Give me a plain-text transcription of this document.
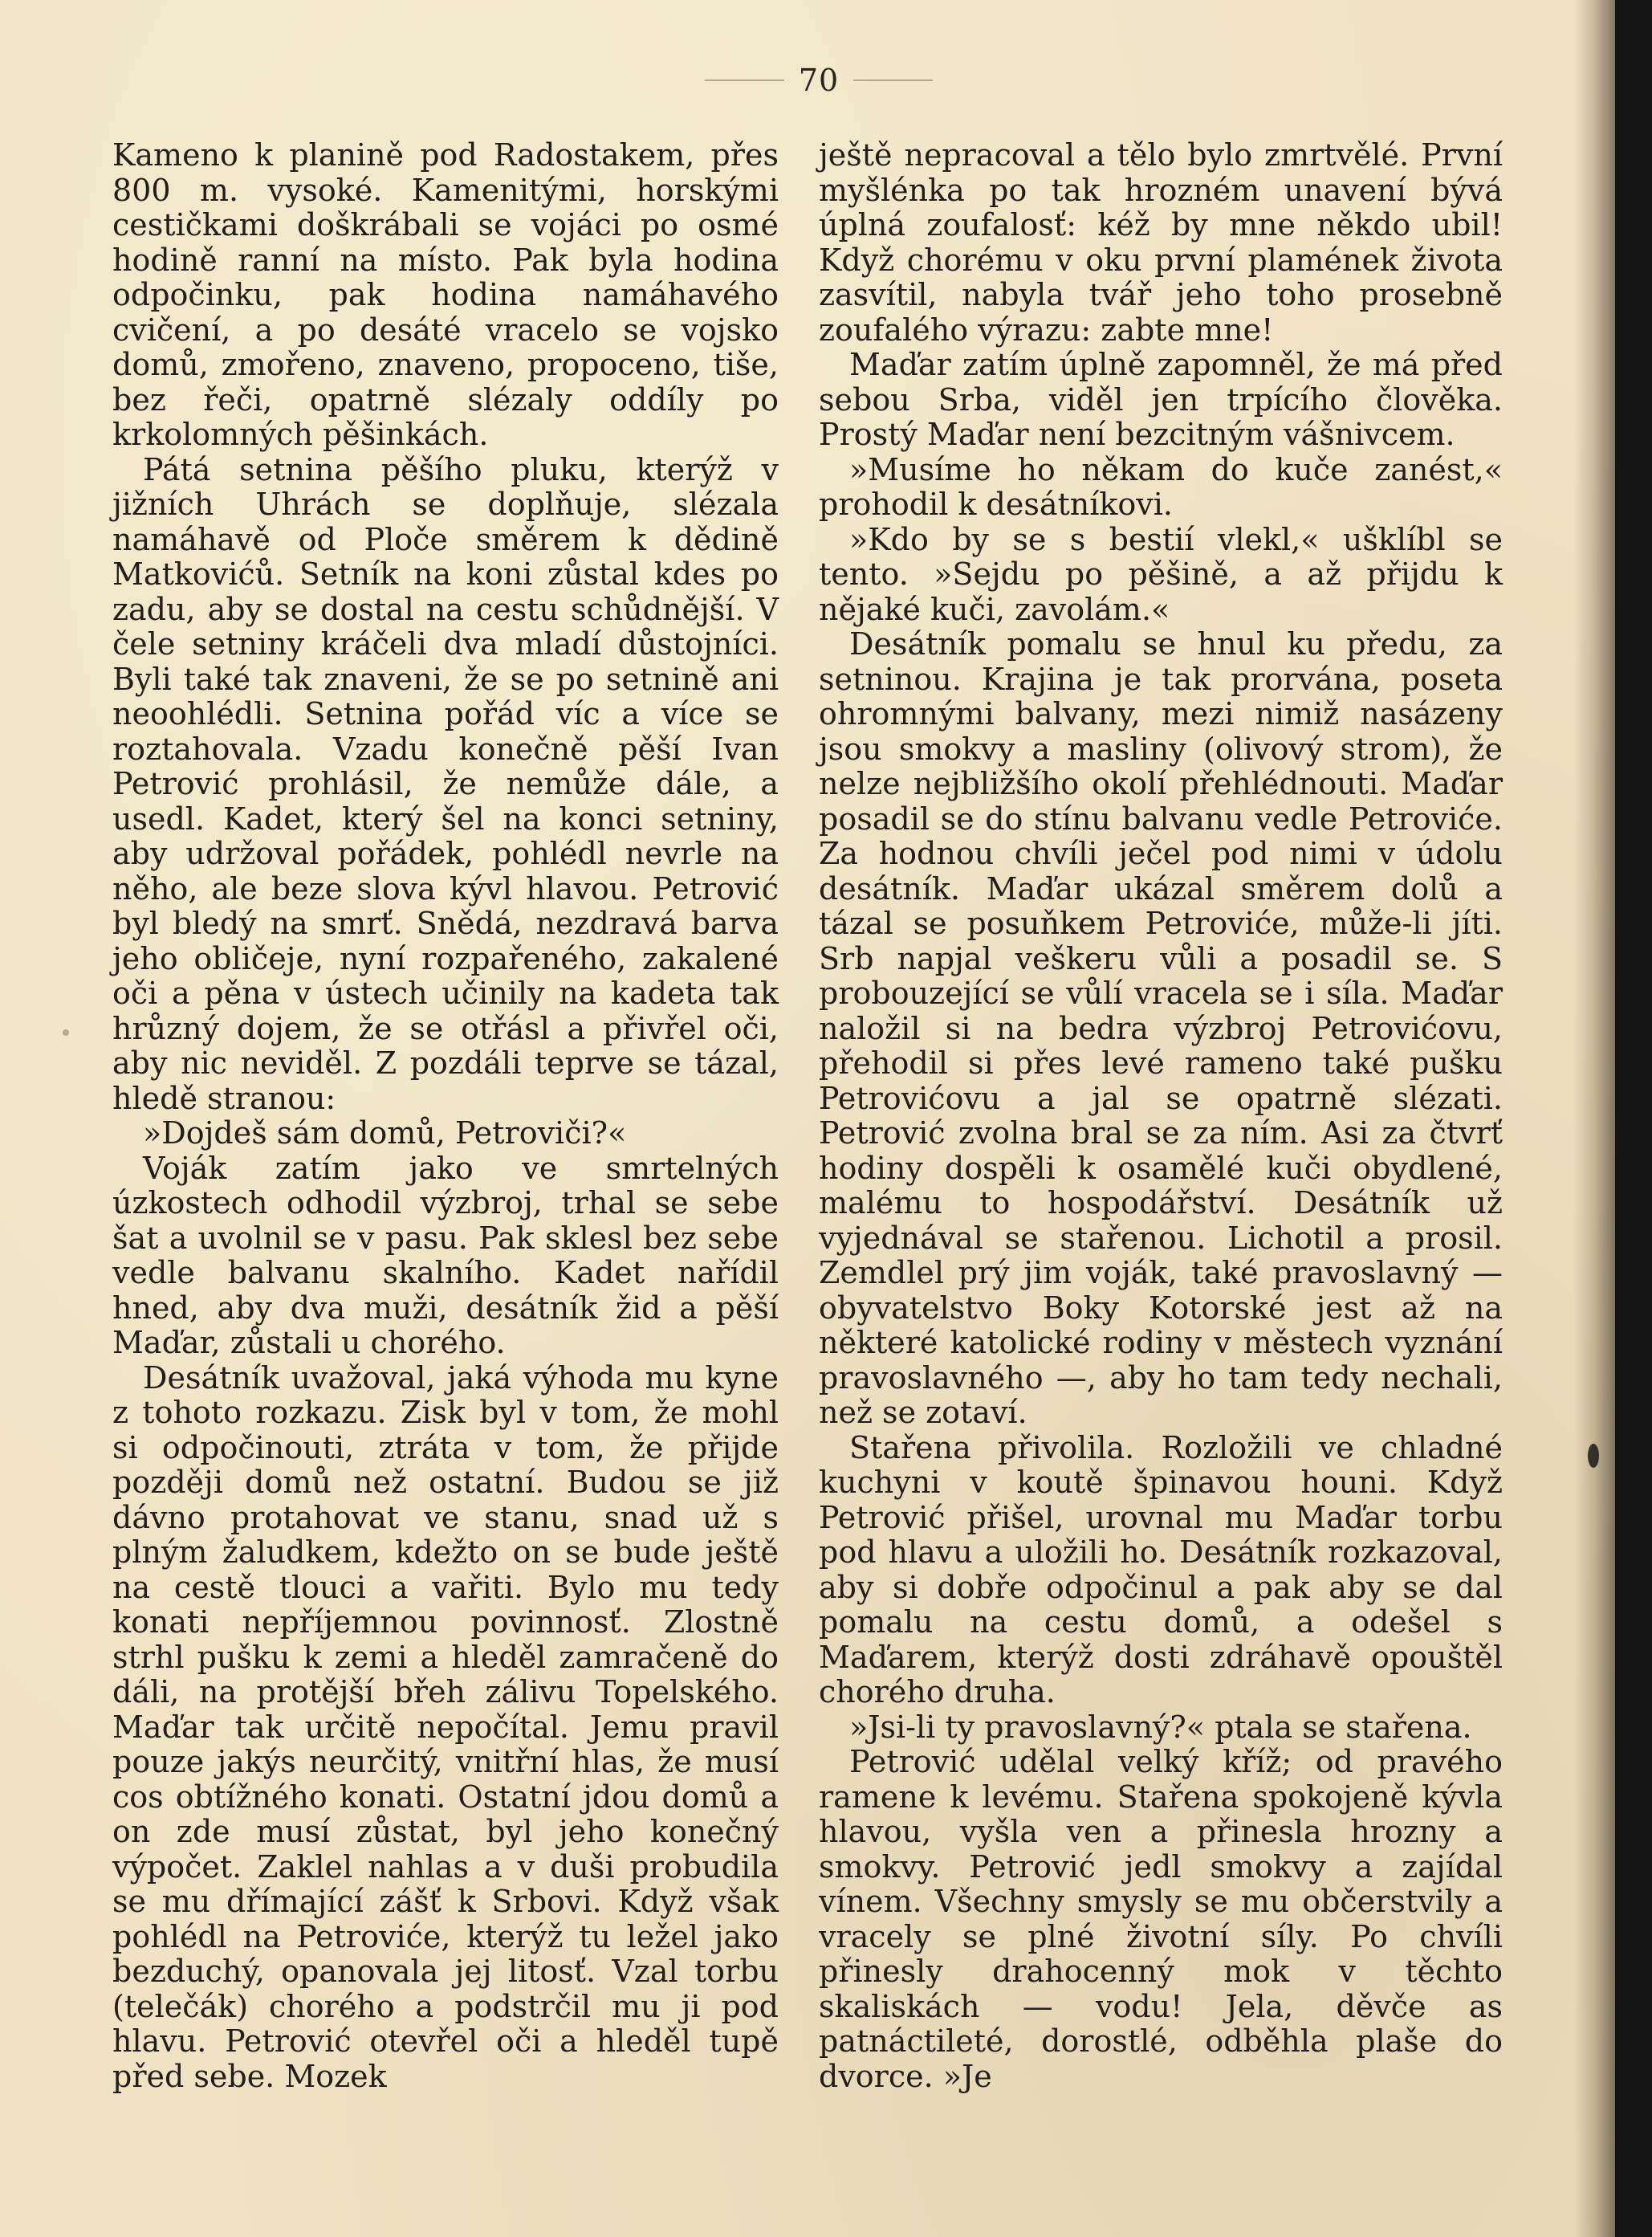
70

Kameno k planině pod Radostakem, přes 800 m. vysoké. Kamenitými, horskými cestičkami doškrábali se vojáci po osmé hodině ranní na místo. Pak byla hodina odpočinku, pak hodina namáhavého cvičení, a po desáté vracelo se vojsko domů, zmořeno, znaveno, propoceno, tiše, bez řeči, opatrně slézaly oddíly po krkolomných pěšinkách.

Pátá setnina pěšího pluku, kterýž v jižních Uhrách se doplňuje, slézala namáhavě od Ploče směrem k dědině Matkovićů. Setník na koni zůstal kdes po zadu, aby se dostal na cestu schůdnější. V čele setniny kráčeli dva mladí důstojníci. Byli také tak znaveni, že se po setnině ani neoohlédli. Setnina pořád víc a více se roztahovala. Vzadu konečně pěší Ivan Petrović prohlásil, že nemůže dále, a usedl. Kadet, který šel na konci setniny, aby udržoval pořádek, pohlédl nevrle na něho, ale beze slova kývl hlavou. Petrović byl bledý na smrť. Snědá, nezdravá barva jeho obličeje, nyní rozpařeného, zakalené oči a pěna v ústech učinily na kadeta tak hrůzný dojem, že se otřásl a přivřel oči, aby nic neviděl. Z pozdáli teprve se tázal, hledě stranou:

»Dojdeš sám domů, Petroviči?«

Voják zatím jako ve smrtelných úzkostech odhodil výzbroj, trhal se sebe šat a uvolnil se v pasu. Pak sklesl bez sebe vedle balvanu skalního. Kadet nařídil hned, aby dva muži, desátník žid a pěší Maďar, zůstali u chorého.

Desátník uvažoval, jaká výhoda mu kyne z tohoto rozkazu. Zisk byl v tom, že mohl si odpočinouti, ztráta v tom, že přijde později domů než ostatní. Budou se již dávno protahovat ve stanu, snad už s plným žaludkem, kdežto on se bude ještě na cestě tlouci a vařiti. Bylo mu tedy konati nepříjemnou povinnosť. Zlostně strhl pušku k zemi a hleděl zamračeně do dáli, na protější břeh zálivu Topelského. Maďar tak určitě nepočítal. Jemu pravil pouze jakýs neurčitý, vnitřní hlas, že musí cos obtížného konati. Ostatní jdou domů a on zde musí zůstat, byl jeho konečný výpočet. Zaklel nahlas a v duši probudila se mu dřímající zášť k Srbovi. Když však pohlédl na Petroviće, kterýž tu ležel jako bezduchý, opanovala jej litosť. Vzal torbu (telečák) chorého a podstrčil mu ji pod hlavu. Petrović otevřel oči a hleděl tupě před sebe. Mozek

ještě nepracoval a tělo bylo zmrtvělé. První myšlénka po tak hrozném unavení bývá úplná zoufalosť: kéž by mne někdo ubil! Když chorému v oku první plamének života zasvítil, nabyla tvář jeho toho prosebně zoufalého výrazu: zabte mne!

Maďar zatím úplně zapomněl, že má před sebou Srba, viděl jen trpícího člověka. Prostý Maďar není bezcitným vášnivcem.

»Musíme ho někam do kuče zanést,« prohodil k desátníkovi.

»Kdo by se s bestií vlekl,« ušklíbl se tento. »Sejdu po pěšině, a až přijdu k nějaké kuči, zavolám.«

Desátník pomalu se hnul ku předu, za setninou. Krajina je tak prorvána, poseta ohromnými balvany, mezi nimiž nasázeny jsou smokvy a masliny (olivový strom), že nelze nejbližšího okolí přehlédnouti. Maďar posadil se do stínu balvanu vedle Petroviće. Za hodnou chvíli ječel pod nimi v údolu desátník. Maďar ukázal směrem dolů a tázal se posuňkem Petroviće, může-li jíti. Srb napjal veškeru vůli a posadil se. S probouzející se vůlí vracela se i síla. Maďar naložil si na bedra výzbroj Petrovićovu, přehodil si přes levé rameno také pušku Petrovićovu a jal se opatrně slézati. Petrović zvolna bral se za ním. Asi za čtvrť hodiny dospěli k osamělé kuči obydlené, malému to hospodářství. Desátník už vyjednával se stařenou. Lichotil a prosil. Zemdlel prý jim voják, také pravoslavný — obyvatelstvo Boky Kotorské jest až na některé katolické rodiny v městech vyznání pravoslavného —, aby ho tam tedy nechali, než se zotaví.

Stařena přivolila. Rozložili ve chladné kuchyni v koutě špinavou houni. Když Petrović přišel, urovnal mu Maďar torbu pod hlavu a uložili ho. Desátník rozkazoval, aby si dobře odpočinul a pak aby se dal pomalu na cestu domů, a odešel s Maďarem, kterýž dosti zdráhavě opouštěl chorého druha.

»Jsi-li ty pravoslavný?« ptala se stařena.

Petrović udělal velký kříž; od pravého ramene k levému. Stařena spokojeně kývla hlavou, vyšla ven a přinesla hrozny a smokvy. Petrović jedl smokvy a zajídal vínem. Všechny smysly se mu občerstvily a vracely se plné životní síly. Po chvíli přinesly drahocenný mok v těchto skaliskách — vodu! Jela, děvče as patnáctileté, dorostlé, odběhla plaše do dvorce. »Je
